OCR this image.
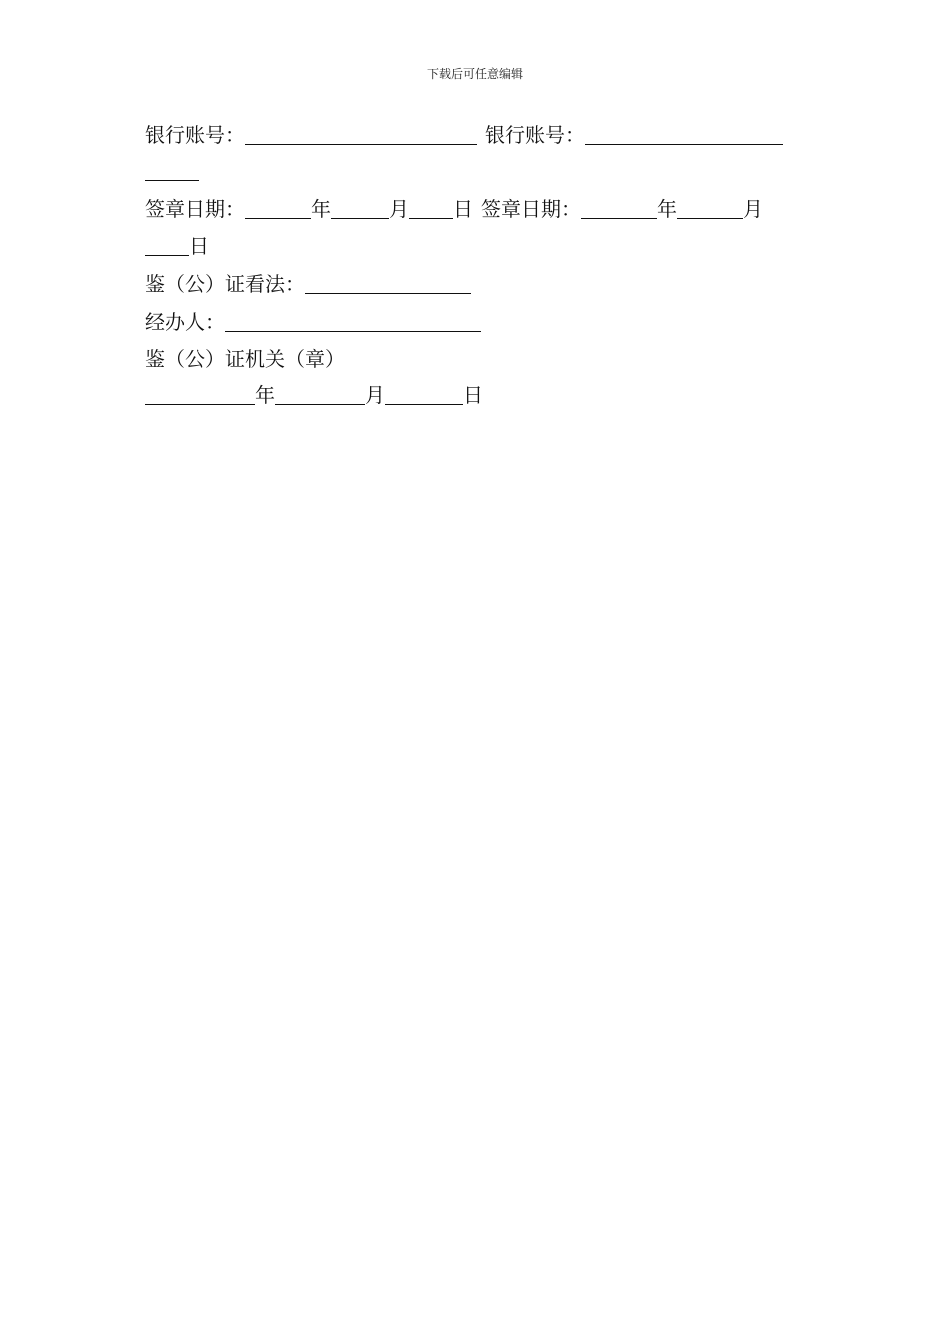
下载后可任意编辑
银行账号：	银行账号：
签章日期：	年	月 日 签章日期：	年	月
日
鉴（公）证看法：
经办人：
鉴（公）证机关（章）
年	月	日
